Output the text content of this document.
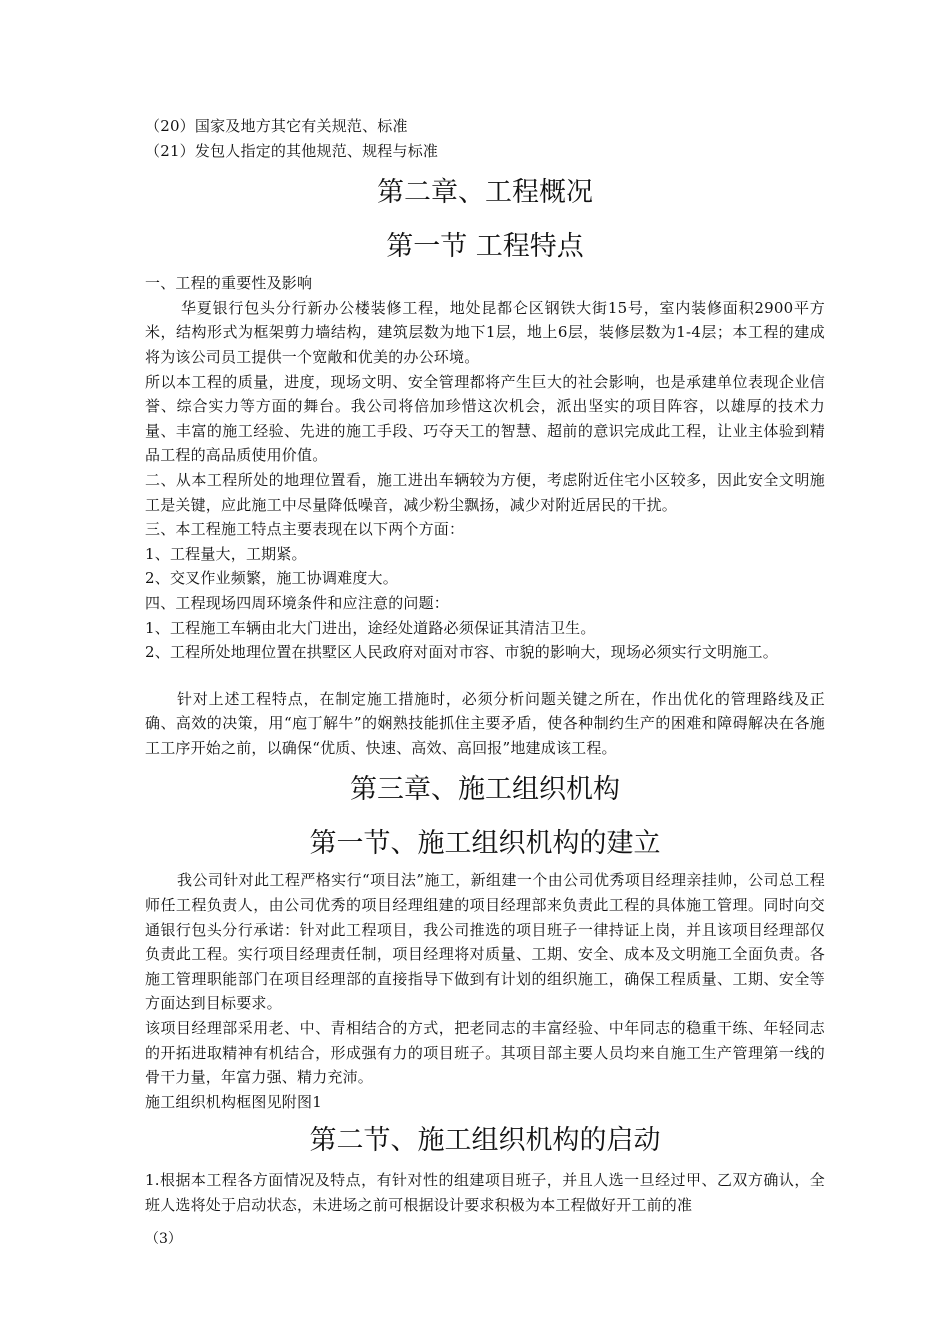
（20）国家及地方其它有关规范、标准

（21）发包人指定的其他规范、规程与标准

第二章、工程概况
第一节 工程特点

一、工程的重要性及影响

华夏银行包头分行新办公楼装修工程，地处昆都仑区钢铁大街15号，室内装修面积2900平方米，结构形式为框架剪力墙结构，建筑层数为地下1层，地上6层，装修层数为1-4层；本工程的建成将为该公司员工提供一个宽敞和优美的办公环境。

所以本工程的质量，进度，现场文明、安全管理都将产生巨大的社会影响，也是承建单位表现企业信誉、综合实力等方面的舞台。我公司将倍加珍惜这次机会，派出坚实的项目阵容，以雄厚的技术力量、丰富的施工经验、先进的施工手段、巧夺天工的智慧、超前的意识完成此工程，让业主体验到精品工程的高品质使用价值。

二、从本工程所处的地理位置看，施工进出车辆较为方便，考虑附近住宅小区较多，因此安全文明施工是关键，应此施工中尽量降低噪音，减少粉尘飘扬，减少对附近居民的干扰。

三、本工程施工特点主要表现在以下两个方面：

1、工程量大，工期紧。

2、交叉作业频繁，施工协调难度大。

四、工程现场四周环境条件和应注意的问题：

1、工程施工车辆由北大门进出，途经处道路必须保证其清洁卫生。

2、工程所处地理位置在拱墅区人民政府对面对市容、市貌的影响大，现场必须实行文明施工。

针对上述工程特点，在制定施工措施时，必须分析问题关键之所在，作出优化的管理路线及正确、高效的决策，用“庖丁解牛”的娴熟技能抓住主要矛盾，使各种制约生产的困难和障碍解决在各施工工序开始之前，以确保“优质、快速、高效、高回报”地建成该工程。

第三章、施工组织机构
第一节、施工组织机构的建立

我公司针对此工程严格实行“项目法”施工，新组建一个由公司优秀项目经理亲挂帅，公司总工程师任工程负责人，由公司优秀的项目经理组建的项目经理部来负责此工程的具体施工管理。同时向交通银行包头分行承诺：针对此工程项目，我公司推选的项目班子一律持证上岗，并且该项目经理部仅负责此工程。实行项目经理责任制，项目经理将对质量、工期、安全、成本及文明施工全面负责。各施工管理职能部门在项目经理部的直接指导下做到有计划的组织施工，确保工程质量、工期、安全等方面达到目标要求。

该项目经理部采用老、中、青相结合的方式，把老同志的丰富经验、中年同志的稳重干练、年轻同志的开拓进取精神有机结合，形成强有力的项目班子。其项目部主要人员均来自施工生产管理第一线的骨干力量，年富力强、精力充沛。

施工组织机构框图见附图1

第二节、施工组织机构的启动

1.根据本工程各方面情况及特点，有针对性的组建项目班子，并且人选一旦经过甲、乙双方确认，全班人选将处于启动状态，未进场之前可根据设计要求积极为本工程做好开工前的准

（3）
